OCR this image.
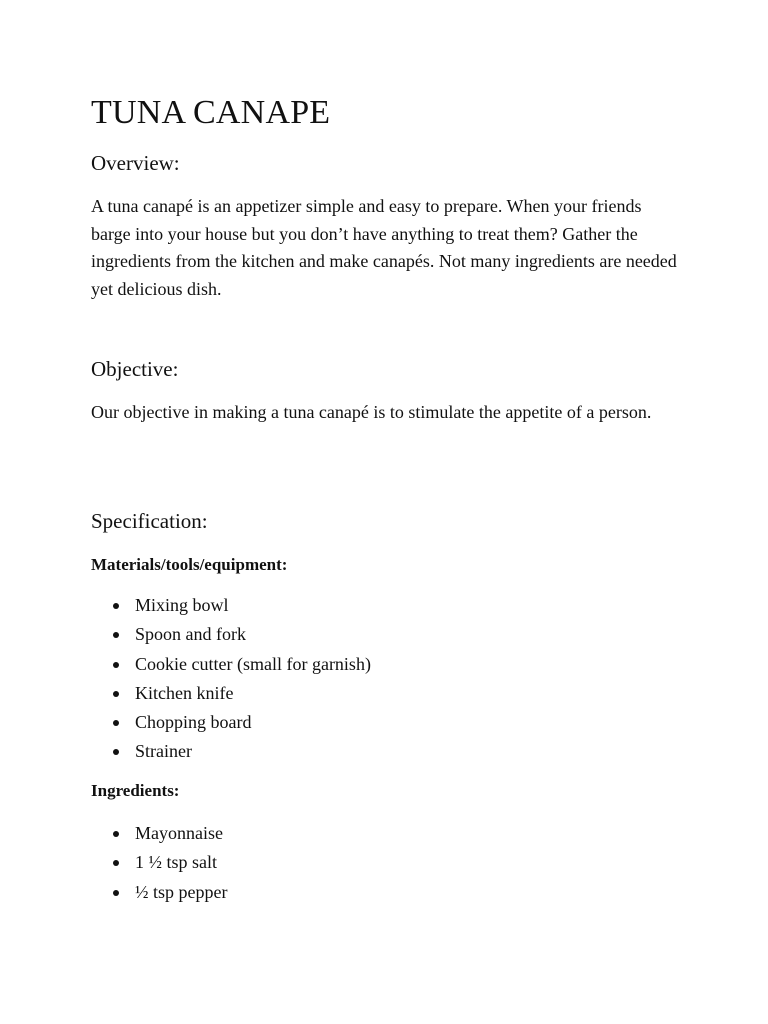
TUNA CANAPE
Overview:

A tuna canapé is an appetizer simple and easy to prepare. When your friends barge into your house but you don’t have anything to treat them? Gather the ingredients from the kitchen and make canapés. Not many ingredients are needed yet delicious dish.

Objective:

Our objective in making a tuna canapé is to stimulate the appetite of a person.

Specification:
Materials/tools/equipment:
Mixing bowl
Spoon and fork
Cookie cutter (small for garnish)
Kitchen knife
Chopping board
Strainer
Ingredients:
Mayonnaise
1 ½ tsp salt
½ tsp pepper
